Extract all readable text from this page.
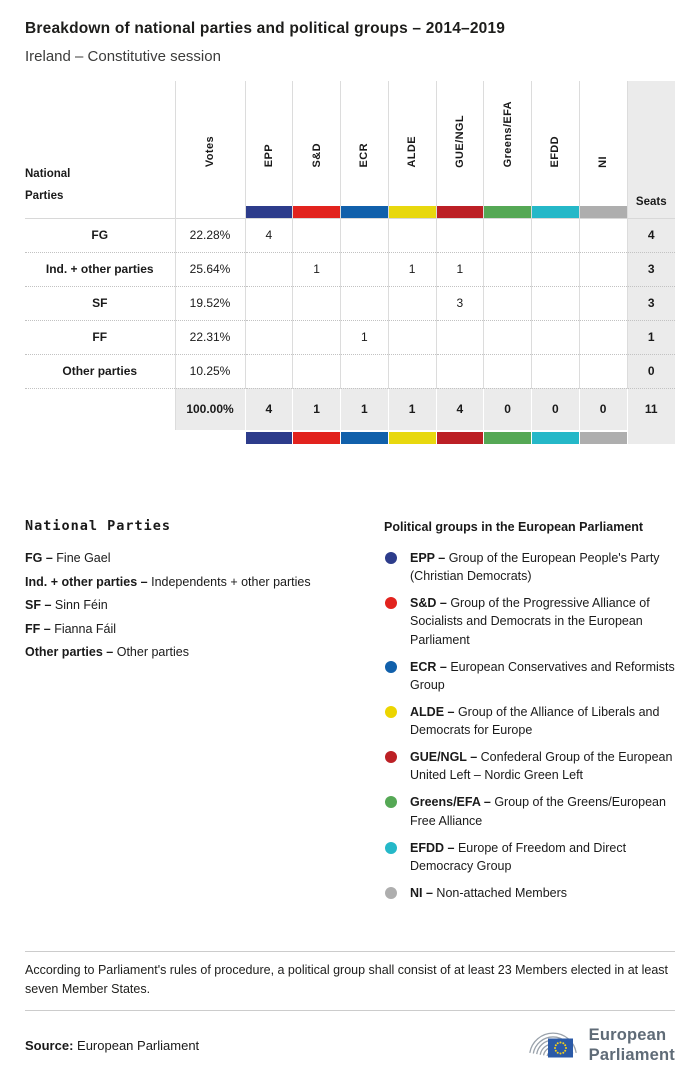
Breakdown of national parties and political groups – 2014–2019
Ireland – Constitutive session
National
Parties	Votes	EPP	S&D	ECR	ALDE	GUE/NGL	Greens/EFA	EFDD	NI	Seats

FG	22.28%	4								4
Ind. + other parties	25.64%		1		1	1				3
SF	19.52%					3				3
FF	22.31%			1						1
Other parties	10.25%									0
	100.00%	4	1	1	1	4	0	0	0	11

National Parties
FG – Fine Gael
Ind. + other parties – Independents + other parties
SF – Sinn Féin
FF – Fianna Fáil
Other parties – Other parties
Political groups in the European Parliament
EPP – Group of the European People's Party (Christian Democrats)
S&D – Group of the Progressive Alliance of Socialists and Democrats in the European Parliament
ECR – European Conservatives and Reformists Group
ALDE – Group of the Alliance of Liberals and Democrats for Europe
GUE/NGL – Confederal Group of the European United Left – Nordic Green Left
Greens/EFA – Group of the Greens/European Free Alliance
EFDD – Europe of Freedom and Direct Democracy Group
NI – Non-attached Members

According to Parliament's rules of procedure, a political group shall consist of at least 23 Members elected in at least seven Member States.

Source: European Parliament
European
Parliament
